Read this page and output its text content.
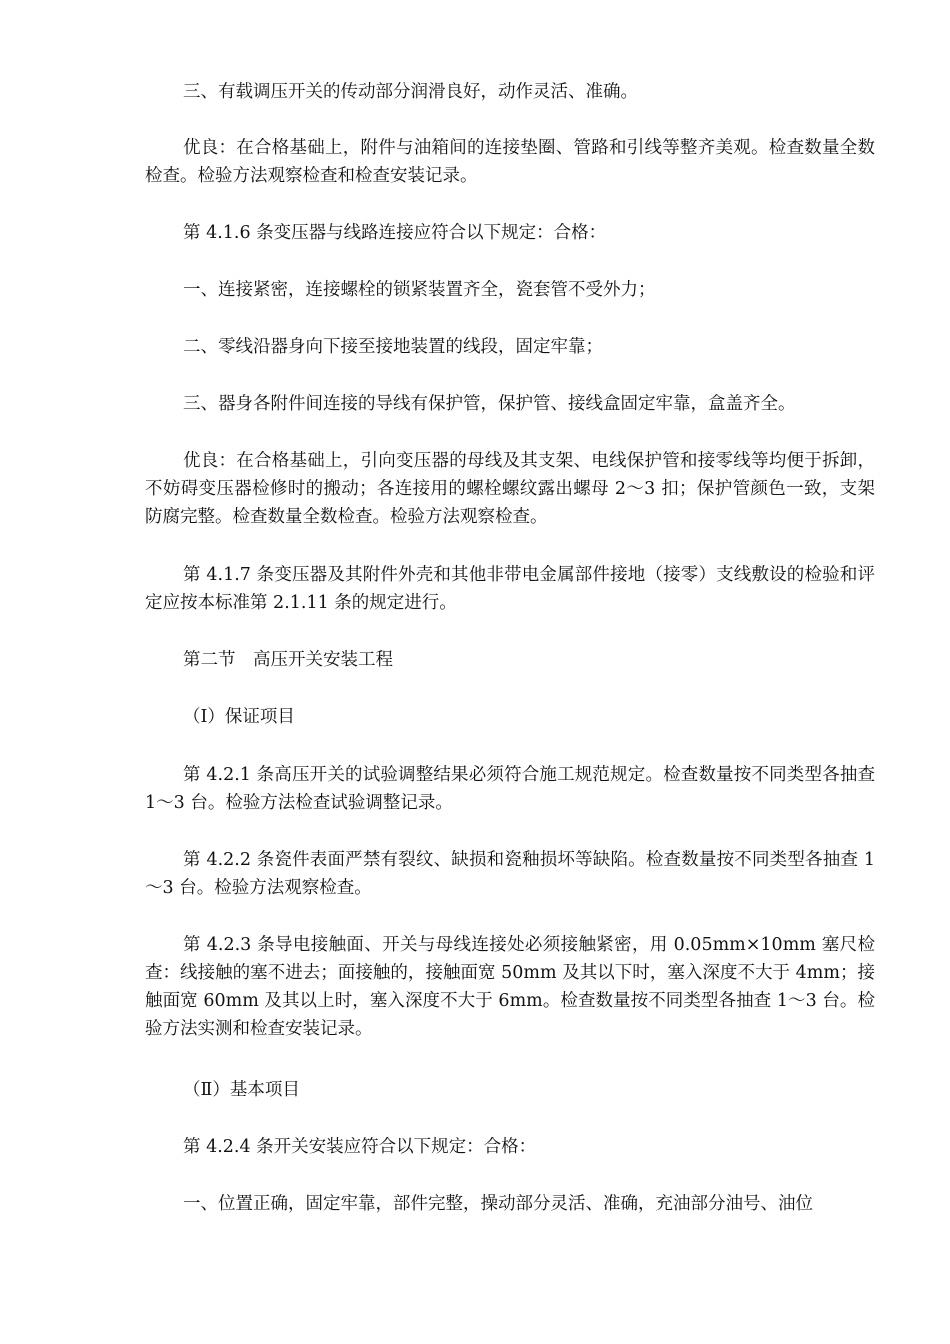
三、有载调压开关的传动部分润滑良好，动作灵活、准确。

优良：在合格基础上，附件与油箱间的连接垫圈、管路和引线等整齐美观。检查数量全数检查。检验方法观察检查和检查安装记录。

第 4.1.6 条变压器与线路连接应符合以下规定：合格：

一、连接紧密，连接螺栓的锁紧装置齐全，瓷套管不受外力；

二、零线沿器身向下接至接地装置的线段，固定牢靠；

三、器身各附件间连接的导线有保护管，保护管、接线盒固定牢靠，盒盖齐全。

优良：在合格基础上，引向变压器的母线及其支架、电线保护管和接零线等均便于拆卸，不妨碍变压器检修时的搬动；各连接用的螺栓螺纹露出螺母 2～3 扣；保护管颜色一致，支架防腐完整。检查数量全数检查。检验方法观察检查。

第 4.1.7 条变压器及其附件外壳和其他非带电金属部件接地（接零）支线敷设的检验和评定应按本标准第 2.1.11 条的规定进行。

第二节　高压开关安装工程

（Ⅰ）保证项目

第 4.2.1 条高压开关的试验调整结果必须符合施工规范规定。检查数量按不同类型各抽查 1～3 台。检验方法检查试验调整记录。

第 4.2.2 条瓷件表面严禁有裂纹、缺损和瓷釉损坏等缺陷。检查数量按不同类型各抽查 1～3 台。检验方法观察检查。

第 4.2.3 条导电接触面、开关与母线连接处必须接触紧密，用 0.05mm×10mm 塞尺检查：线接触的塞不进去；面接触的，接触面宽 50mm 及其以下时，塞入深度不大于 4mm；接触面宽 60mm 及其以上时，塞入深度不大于 6mm。检查数量按不同类型各抽查 1～3 台。检验方法实测和检查安装记录。

（Ⅱ）基本项目

第 4.2.4 条开关安装应符合以下规定：合格：

一、位置正确，固定牢靠，部件完整，操动部分灵活、准确，充油部分油号、油位
